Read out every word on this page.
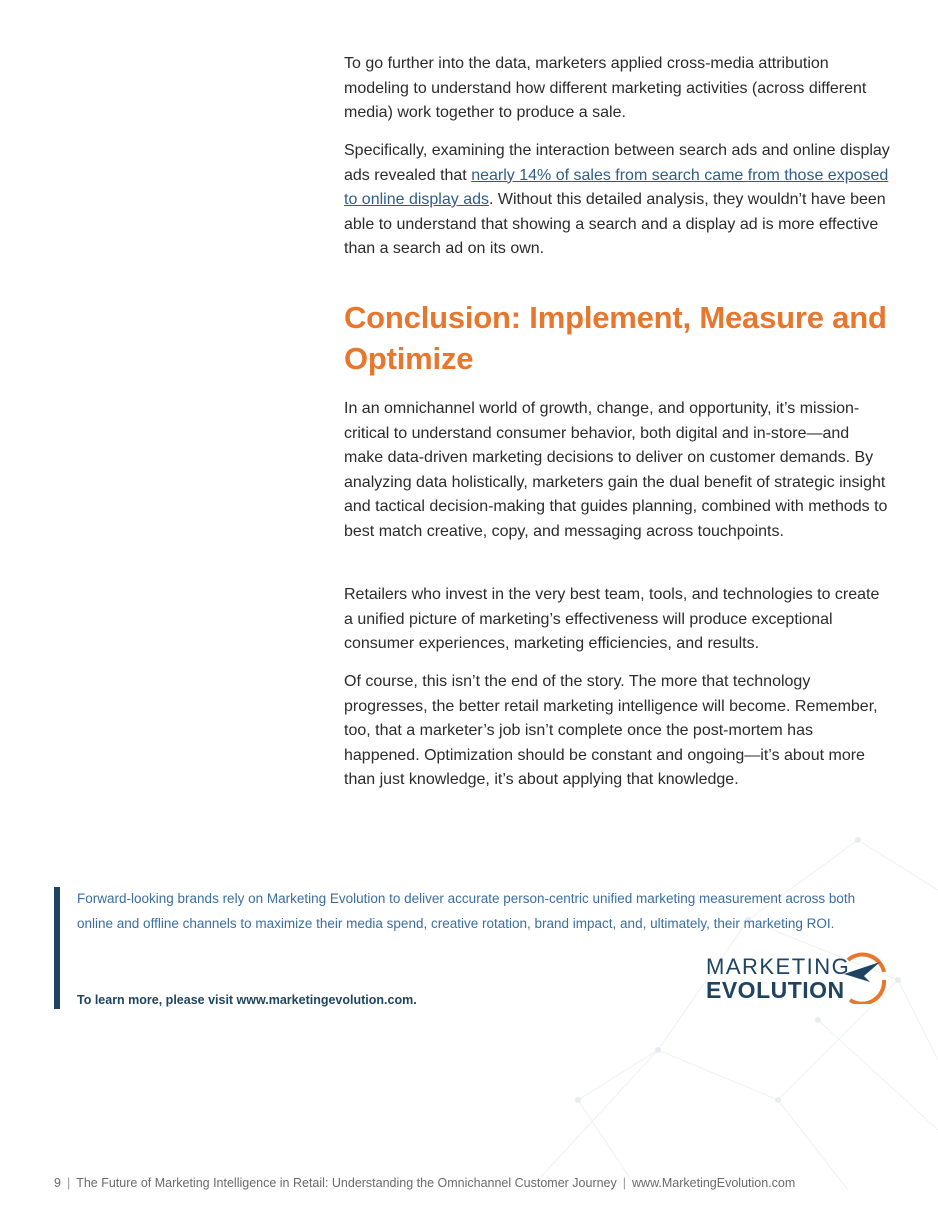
To go further into the data, marketers applied cross-media attribution modeling to understand how different marketing activities (across different media) work together to produce a sale.

Specifically, examining the interaction between search ads and online display ads revealed that nearly 14% of sales from search came from those exposed to online display ads. Without this detailed analysis, they wouldn’t have been able to understand that showing a search and a display ad is more effective than a search ad on its own.

Conclusion: Implement, Measure and Optimize

In an omnichannel world of growth, change, and opportunity, it’s mission-critical to understand consumer behavior, both digital and in-store—and make data-driven marketing decisions to deliver on customer demands. By analyzing data holistically, marketers gain the dual benefit of strategic insight and tactical decision-making that guides planning, combined with methods to best match creative, copy, and messaging across touchpoints.

Retailers who invest in the very best team, tools, and technologies to create a unified picture of marketing’s effectiveness will produce exceptional consumer experiences, marketing efficiencies, and results.

Of course, this isn’t the end of the story. The more that technology progresses, the better retail marketing intelligence will become. Remember, too, that a marketer’s job isn’t complete once the post-mortem has happened. Optimization should be constant and ongoing—it’s about more than just knowledge, it’s about applying that knowledge.

Forward-looking brands rely on Marketing Evolution to deliver accurate person-centric unified marketing measurement across both online and offline channels to maximize their media spend, creative rotation, brand impact, and, ultimately, their marketing ROI.

To learn more, please visit www.marketingevolution.com.

MARKETING
EVOLUTION
9 | The Future of Marketing Intelligence in Retail: Understanding the Omnichannel Customer Journey | www.MarketingEvolution.com
